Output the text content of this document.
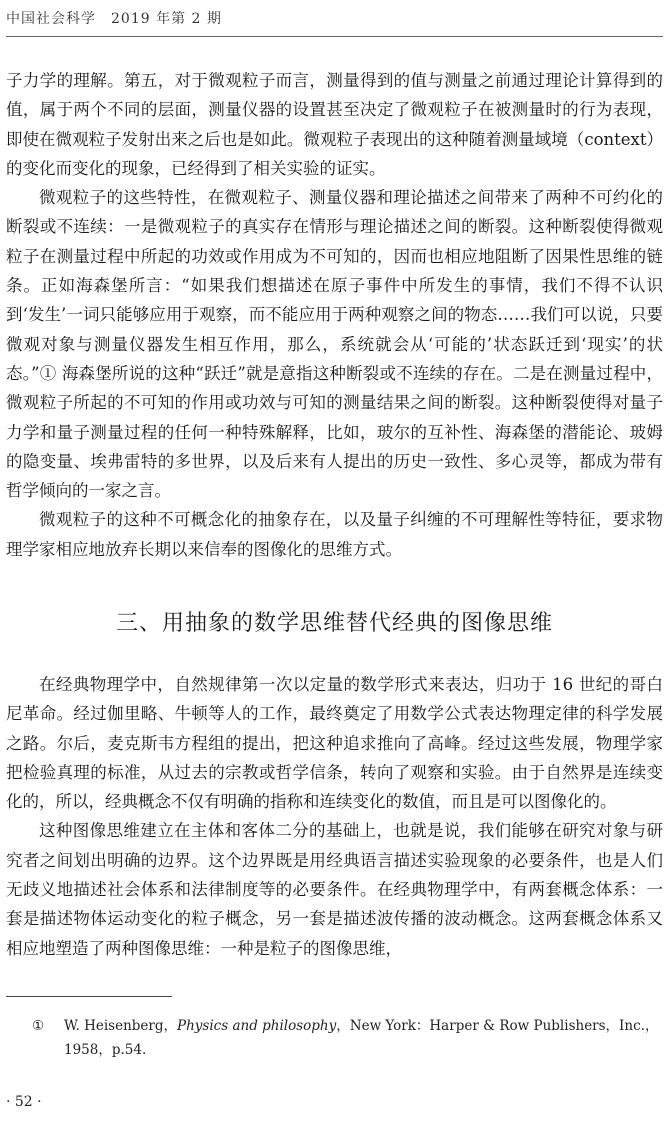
中国社会科学　2019 年第 2 期

子力学的理解。第五，对于微观粒子而言，测量得到的值与测量之前通过理论计算得到的值，属于两个不同的层面，测量仪器的设置甚至决定了微观粒子在被测量时的行为表现，即使在微观粒子发射出来之后也是如此。微观粒子表现出的这种随着测量域境（context）的变化而变化的现象，已经得到了相关实验的证实。

微观粒子的这些特性，在微观粒子、测量仪器和理论描述之间带来了两种不可约化的断裂或不连续：一是微观粒子的真实存在情形与理论描述之间的断裂。这种断裂使得微观粒子在测量过程中所起的功效或作用成为不可知的，因而也相应地阻断了因果性思维的链条。正如海森堡所言：“如果我们想描述在原子事件中所发生的事情，我们不得不认识到‘发生’一词只能够应用于观察，而不能应用于两种观察之间的物态……我们可以说，只要微观对象与测量仪器发生相互作用，那么，系统就会从‘可能的’状态跃迁到‘现实’的状态。”① 海森堡所说的这种“跃迁”就是意指这种断裂或不连续的存在。二是在测量过程中，微观粒子所起的不可知的作用或功效与可知的测量结果之间的断裂。这种断裂使得对量子力学和量子测量过程的任何一种特殊解释，比如，玻尔的互补性、海森堡的潜能论、玻姆的隐变量、埃弗雷特的多世界，以及后来有人提出的历史一致性、多心灵等，都成为带有哲学倾向的一家之言。

微观粒子的这种不可概念化的抽象存在，以及量子纠缠的不可理解性等特征，要求物理学家相应地放弃长期以来信奉的图像化的思维方式。

三、用抽象的数学思维替代经典的图像思维

在经典物理学中，自然规律第一次以定量的数学形式来表达，归功于 16 世纪的哥白尼革命。经过伽里略、牛顿等人的工作，最终奠定了用数学公式表达物理定律的科学发展之路。尔后，麦克斯韦方程组的提出，把这种追求推向了高峰。经过这些发展，物理学家把检验真理的标准，从过去的宗教或哲学信条，转向了观察和实验。由于自然界是连续变化的，所以，经典概念不仅有明确的指称和连续变化的数值，而且是可以图像化的。

这种图像思维建立在主体和客体二分的基础上，也就是说，我们能够在研究对象与研究者之间划出明确的边界。这个边界既是用经典语言描述实验现象的必要条件，也是人们无歧义地描述社会体系和法律制度等的必要条件。在经典物理学中，有两套概念体系：一套是描述物体运动变化的粒子概念，另一套是描述波传播的波动概念。这两套概念体系又相应地塑造了两种图像思维：一种是粒子的图像思维，

① W. Heisenberg，Physics and philosophy，New York：Harper & Row Publishers，Inc.，1958，p.54.
· 52 ·
